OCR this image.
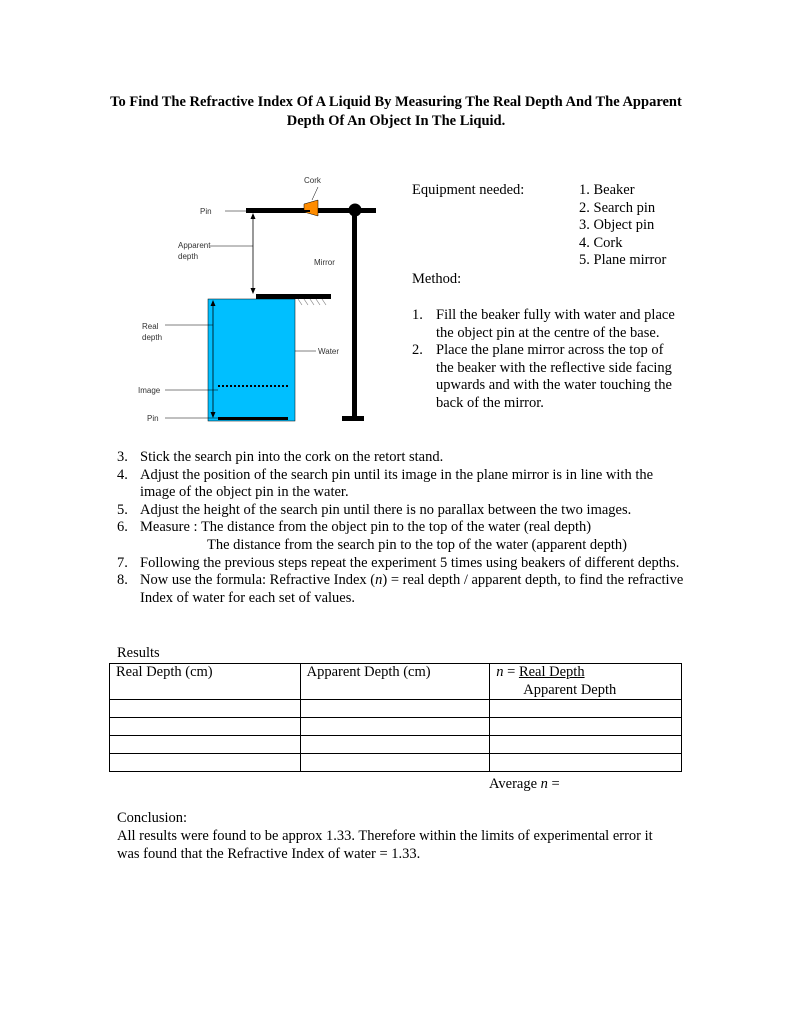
To Find The Refractive Index Of A Liquid By Measuring The Real Depth And The Apparent Depth Of An Object In The Liquid.
Cork
Pin
Apparent
depth
Mirror
Real
depth
Water
Image
Pin
Equipment needed:	1. Beaker
2. Search pin
3. Object pin
4. Cork
5. Plane mirror
Method:
1. Fill the beaker fully with water and place the object pin at the centre of the base.
2. Place the plane mirror across the top of the beaker with the reflective side facing
upwards and with the water touching the back of the mirror.
3. Stick the search pin into the cork on the retort stand.
4. Adjust the position of the search pin until its image in the plane mirror is in line with the image of the object pin in the water.
5. Adjust the height of the search pin until there is no parallax between the two images.
6. Measure : The distance from the object pin to the top of the water (real depth)
The distance from the search pin to the top of the water (apparent depth)
7. Following the previous steps repeat the experiment 5 times using beakers of different depths.
8. Now use the formula: Refractive Index (n) = real depth / apparent depth, to find the refractive Index of water for each set of values.
Results
Real Depth (cm)	Apparent Depth (cm)	n = Real Depth
Apparent Depth

Average n =
Conclusion:
All results were found to be approx 1.33. Therefore within the limits of experimental error it was found that the Refractive Index of water = 1.33.
